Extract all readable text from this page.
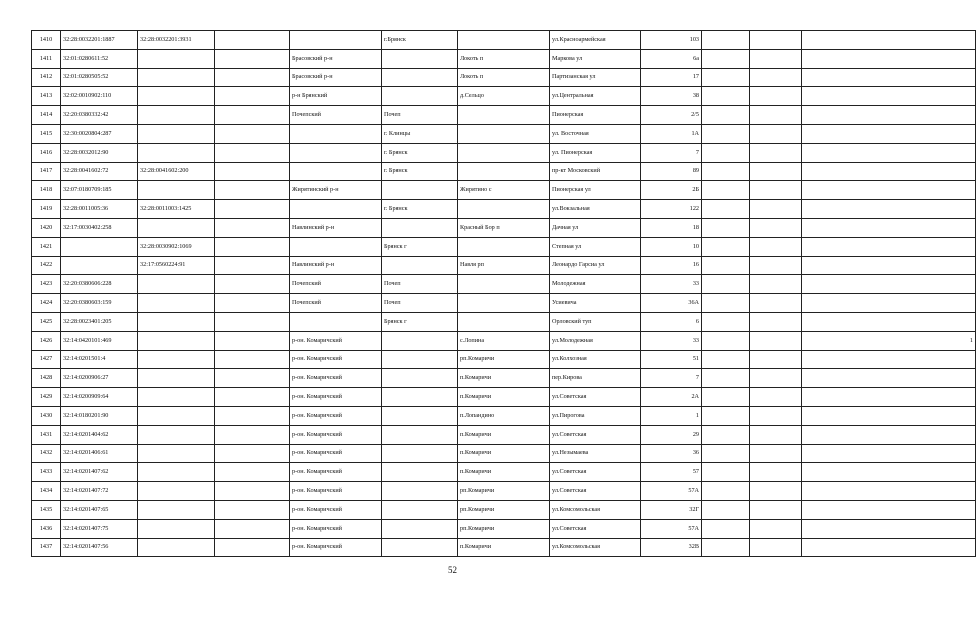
1410	32:28:0032201:1887	32:28:0032201:3931			г.Брянск		ул.Красноармейская	103			
1411	32:01:0280611:52			Брасовский р-н		Локоть п	Маркова ул	6а			
1412	32:01:0280505:52			Брасовский р-н		Локоть п	Партизанская ул	17			
1413	32:02:0010902:110			р-н Брянский		д.Сельцо	ул.Центральная	38			
1414	32:20:0380332:42			Почепский	Почеп		Пионерская	2/5			
1415	32:30:0020804:287				г. Клинцы		ул. Восточная	1А			
1416	32:28:0032012:90				г. Брянск		ул. Пионерская	7			
1417	32:28:0041602:72	32:28:0041602:200			г. Брянск		пр-кт Московский	89			
1418	32:07:0180709:185			Жирятинский р-н		Жирятино с	Пионерская ул	2Б			
1419	32:28:0011005:36	32:28:0011003:1425			г. Брянск		ул.Вокзальная	122			
1420	32:17:0030402:258			Навлинский р-н		Красный Бор п	Дачная ул	18			
1421		32:28:0030902:1069			Брянск г		Степная ул	10			
1422		32:17:0560224:91		Навлинский р-н		Навля рп	Леонардо Гарсиа ул	16			
1423	32:20:0380606:228			Почепский	Почеп		Молодежная	33			
1424	32:20:0380603:159			Почепский	Почеп		Усиевича	36А			
1425	32:28:0023401:205				Брянск г		Орловский туп	6			
1426	32:14:0420101:469			р-он. Комаричский		с.Лопина	ул.Молодежная	33			1
1427	32:14:0201501:4			р-он. Комаричский		рп.Комаричи	ул.Колхозная	51			
1428	32:14:0200906:27			р-он. Комаричский		п.Комаричи	пер.Кирова	7			
1429	32:14:0200909:64			р-он. Комаричский		п.Комаричи	ул.Советская	2А			
1430	32:14:0180201:90			р-он. Комаричский		п.Лопандино	ул.Пирогова	1			
1431	32:14:0201404:62			р-он. Комаричский		п.Комаричи	ул.Советская	29			
1432	32:14:0201406:61			р-он. Комаричский		п.Комаричи	ул.Незымаева	36			
1433	32:14:0201407:62			р-он. Комаричский		п.Комаричи	ул.Советская	57			
1434	32:14:0201407:72			р-он. Комаричский		рп.Комаричи	ул.Советская	57А			
1435	32:14:0201407:65			р-он. Комаричский		рп.Комаричи	ул.Комсомольская	32Г			
1436	32:14:0201407:75			р-он. Комаричский		рп.Комаричи	ул.Советская	57А			
1437	32:14:0201407:56			р-он. Комаричский		п.Комаричи	ул.Комсомольская	32В			
52
